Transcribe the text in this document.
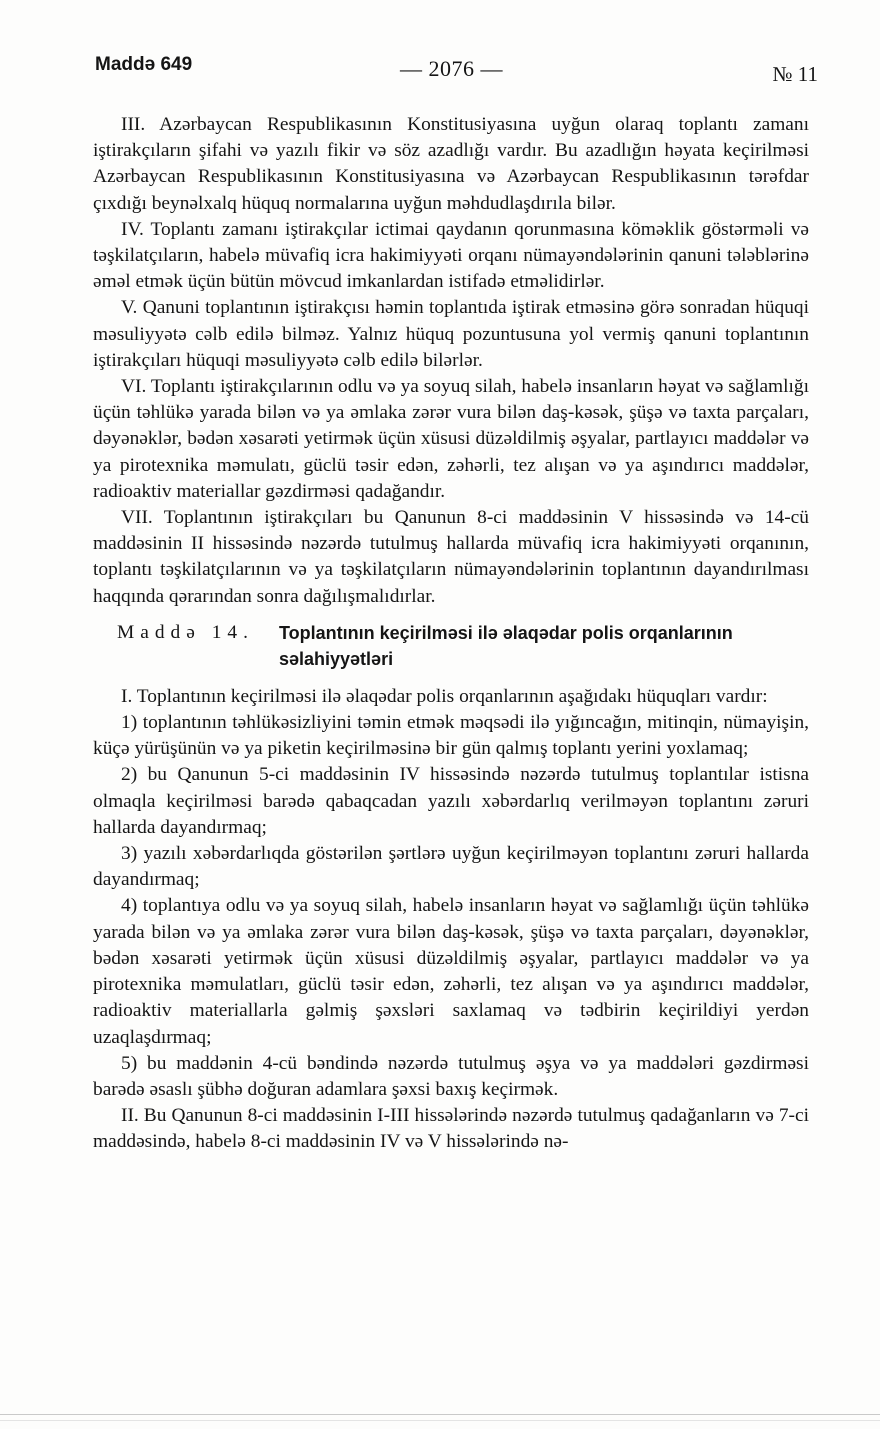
Maddə 649	— 2076 —	№ 11

III. Azərbaycan Respublikasının Konstitusiyasına uyğun olaraq toplantı zamanı iştirakçıların şifahi və yazılı fikir və söz azadlığı vardır. Bu azadlığın həyata keçirilməsi Azərbaycan Respublikasının Konstitusiyasına və Azərbaycan Respublikasının tərəfdar çıxdığı beynəlxalq hüquq normalarına uyğun məhdudlaşdırıla bilər.

IV. Toplantı zamanı iştirakçılar ictimai qaydanın qorunmasına köməklik göstərməli və təşkilatçıların, habelə müvafiq icra hakimiyyəti orqanı nümayəndələrinin qanuni tələblərinə əməl etmək üçün bütün mövcud imkanlardan istifadə etməlidirlər.

V. Qanuni toplantının iştirakçısı həmin toplantıda iştirak etməsinə görə sonradan hüquqi məsuliyyətə cəlb edilə bilməz. Yalnız hüquq pozuntusuna yol vermiş qanuni toplantının iştirakçıları hüquqi məsuliyyətə cəlb edilə bilərlər.

VI. Toplantı iştirakçılarının odlu və ya soyuq silah, habelə insanların həyat və sağlamlığı üçün təhlükə yarada bilən və ya əmlaka zərər vura bilən daş-kəsək, şüşə və taxta parçaları, dəyənəklər, bədən xəsarəti yetirmək üçün xüsusi düzəldilmiş əşyalar, partlayıcı maddələr və ya pirotexnika məmulatı, güclü təsir edən, zəhərli, tez alışan və ya aşındırıcı maddələr, radioaktiv materiallar gəzdirməsi qadağandır.

VII. Toplantının iştirakçıları bu Qanunun 8-ci maddəsinin V hissəsində və 14-cü maddəsinin II hissəsində nəzərdə tutulmuş hallarda müvafiq icra hakimiyyəti orqanının, toplantı təşkilatçılarının və ya təşkilatçıların nümayəndələrinin toplantının dayandırılması haqqında qərarından sonra dağılışmalıdırlar.

Maddə 14.	Toplantının keçirilməsi ilə əlaqədar polis orqanlarının səlahiyyətləri

I. Toplantının keçirilməsi ilə əlaqədar polis orqanlarının aşağıdakı hüquqları vardır:

1) toplantının təhlükəsizliyini təmin etmək məqsədi ilə yığıncağın, mitinqin, nümayişin, küçə yürüşünün və ya piketin keçirilməsinə bir gün qalmış toplantı yerini yoxlamaq;

2) bu Qanunun 5-ci maddəsinin IV hissəsində nəzərdə tutulmuş toplantılar istisna olmaqla keçirilməsi barədə qabaqcadan yazılı xəbərdarlıq verilməyən toplantını zəruri hallarda dayandırmaq;

3) yazılı xəbərdarlıqda göstərilən şərtlərə uyğun keçirilməyən toplantını zəruri hallarda dayandırmaq;

4) toplantıya odlu və ya soyuq silah, habelə insanların həyat və sağlamlığı üçün təhlükə yarada bilən və ya əmlaka zərər vura bilən daş-kəsək, şüşə və taxta parçaları, dəyənəklər, bədən xəsarəti yetirmək üçün xüsusi düzəldilmiş əşyalar, partlayıcı maddələr və ya pirotexnika məmulatları, güclü təsir edən, zəhərli, tez alışan və ya aşındırıcı maddələr, radioaktiv materiallarla gəlmiş şəxsləri saxlamaq və tədbirin keçirildiyi yerdən uzaqlaşdırmaq;

5) bu maddənin 4-cü bəndində nəzərdə tutulmuş əşya və ya maddələri gəzdirməsi barədə əsaslı şübhə doğuran adamlara şəxsi baxış keçirmək.

II. Bu Qanunun 8-ci maddəsinin I-III hissələrində nəzərdə tutulmuş qadağanların və 7-ci maddəsində, habelə 8-ci maddəsinin IV və V hissələrində nə-
